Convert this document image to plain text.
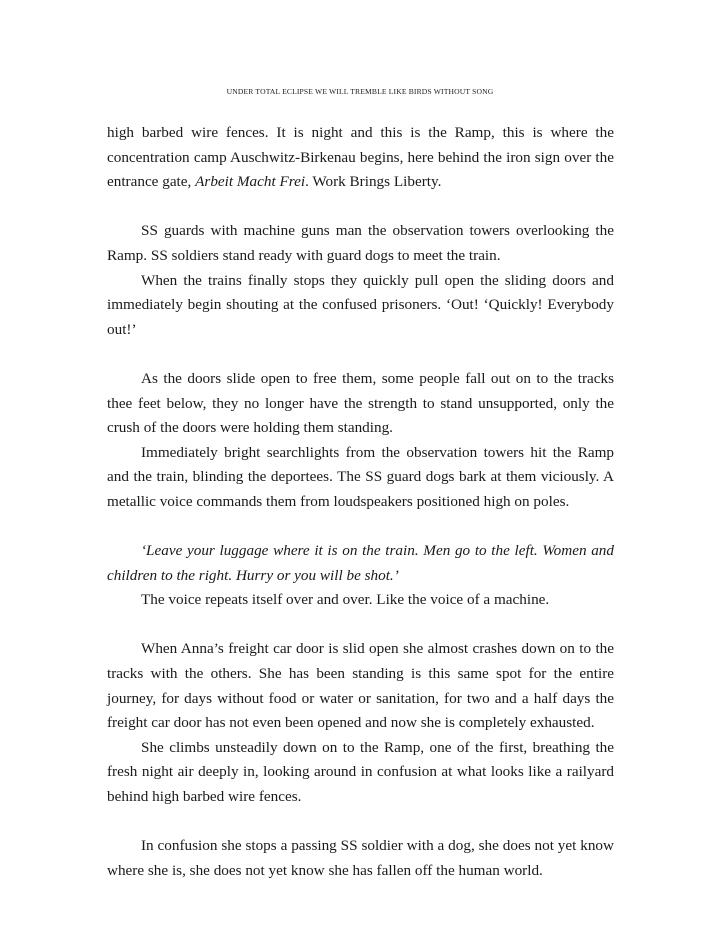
UNDER TOTAL ECLIPSE WE WILL TREMBLE LIKE BIRDS WITHOUT SONG

high barbed wire fences. It is night and this is the Ramp, this is where the concentration camp Auschwitz-Birkenau begins, here behind the iron sign over the entrance gate, Arbeit Macht Frei. Work Brings Liberty.

SS guards with machine guns man the observation towers overlooking the Ramp. SS soldiers stand ready with guard dogs to meet the train.

When the trains finally stops they quickly pull open the sliding doors and immediately begin shouting at the confused prisoners. ‘Out! ‘Quickly! Everybody out!’

As the doors slide open to free them, some people fall out on to the tracks thee feet below, they no longer have the strength to stand unsupported, only the crush of the doors were holding them standing.

Immediately bright searchlights from the observation towers hit the Ramp and the train, blinding the deportees. The SS guard dogs bark at them viciously. A metallic voice commands them from loudspeakers positioned high on poles.

‘Leave your luggage where it is on the train. Men go to the left. Women and children to the right. Hurry or you will be shot.’

The voice repeats itself over and over. Like the voice of a machine.

When Anna’s freight car door is slid open she almost crashes down on to the tracks with the others. She has been standing is this same spot for the entire journey, for days without food or water or sanitation, for two and a half days the freight car door has not even been opened and now she is completely exhausted.

She climbs unsteadily down on to the Ramp, one of the first, breathing the fresh night air deeply in, looking around in confusion at what looks like a railyard behind high barbed wire fences.

In confusion she stops a passing SS soldier with a dog, she does not yet know where she is, she does not yet know she has fallen off the human world.
